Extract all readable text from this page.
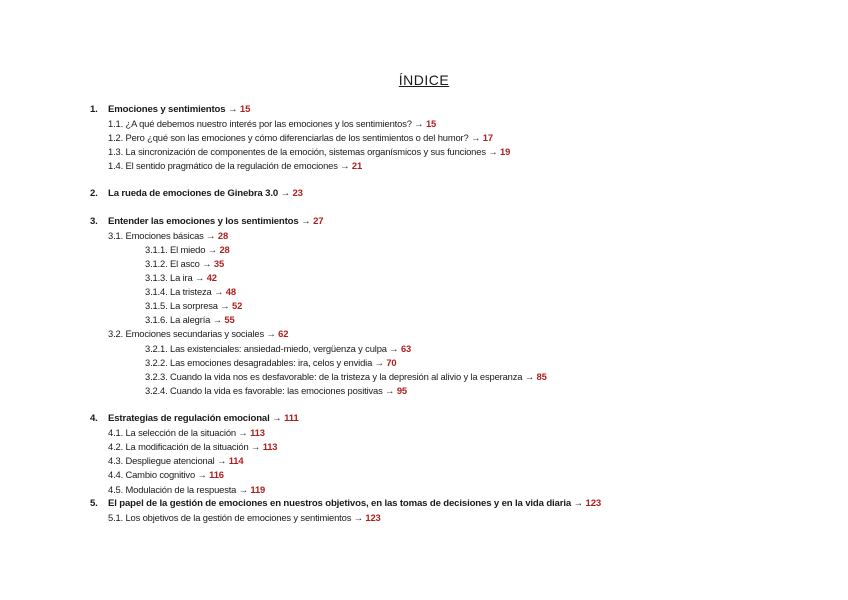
ÍNDICE
1. Emociones y sentimientos → 15
1.1. ¿A qué debemos nuestro interés por las emociones y los sentimientos? → 15
1.2. Pero ¿qué son las emociones y cómo diferenciarlas de los sentimientos o del humor? → 17
1.3. La sincronización de componentes de la emoción, sistemas organísmicos y sus funciones → 19
1.4. El sentido pragmático de la regulación de emociones → 21
2. La rueda de emociones de Ginebra 3.0 → 23
3. Entender las emociones y los sentimientos → 27
3.1. Emociones básicas → 28
3.1.1. El miedo → 28
3.1.2. El asco → 35
3.1.3. La ira → 42
3.1.4. La tristeza → 48
3.1.5. La sorpresa → 52
3.1.6. La alegría → 55
3.2. Emociones secundarias y sociales → 62
3.2.1. Las existenciales: ansiedad-miedo, vergüenza y culpa → 63
3.2.2. Las emociones desagradables: ira, celos y envidia → 70
3.2.3. Cuando la vida nos es desfavorable: de la tristeza y la depresión al alivio y la esperanza → 85
3.2.4. Cuando la vida es favorable: las emociones positivas → 95
4. Estrategias de regulación emocional → 111
4.1. La selección de la situación → 113
4.2. La modificación de la situación → 113
4.3. Despliegue atencional → 114
4.4. Cambio cognitivo → 116
4.5. Modulación de la respuesta → 119
5. El papel de la gestión de emociones en nuestros objetivos, en las tomas de decisiones y en la vida diaria → 123
5.1. Los objetivos de la gestión de emociones y sentimientos → 123
